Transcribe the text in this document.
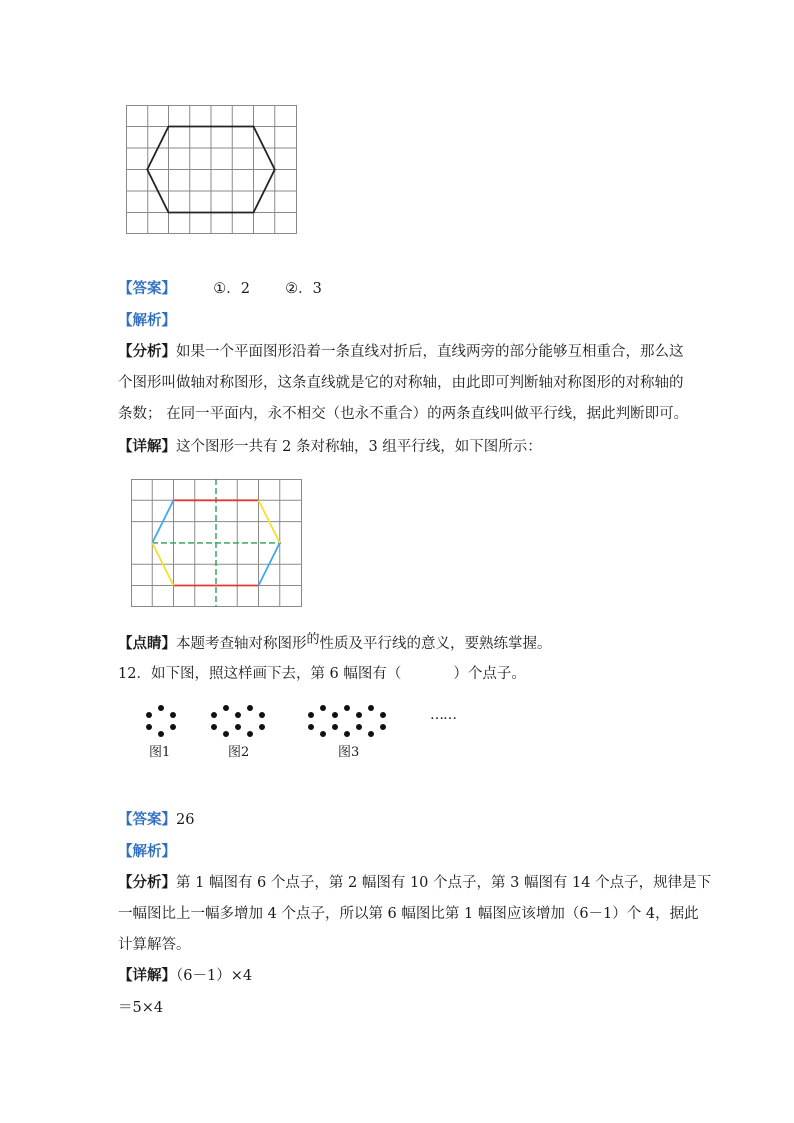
【答案】	①．2 ②．3
【解析】
【分析】如果一个平面图形沿着一条直线对折后，直线两旁的部分能够互相重合，那么这
个图形叫做轴对称图形，这条直线就是它的对称轴，由此即可判断轴对称图形的对称轴的
条数； 在同一平面内，永不相交（也永不重合）的两条直线叫做平行线，据此判断即可。
【详解】这个图形一共有 2 条对称轴，3 组平行线，如下图所示：
【点睛】本题考查轴对称图形的性质及平行线的意义，要熟练掌握。
12．如下图，照这样画下去，第 6 幅图有（	）个点子。
……
图1	图2	图3
【答案】26
【解析】
【分析】第 1 幅图有 6 个点子，第 2 幅图有 10 个点子，第 3 幅图有 14 个点子，规律是下
一幅图比上一幅多增加 4 个点子，所以第 6 幅图比第 1 幅图应该增加（6－1）个 4，据此
计算解答。
【详解】（6－1）×4
＝5×4
